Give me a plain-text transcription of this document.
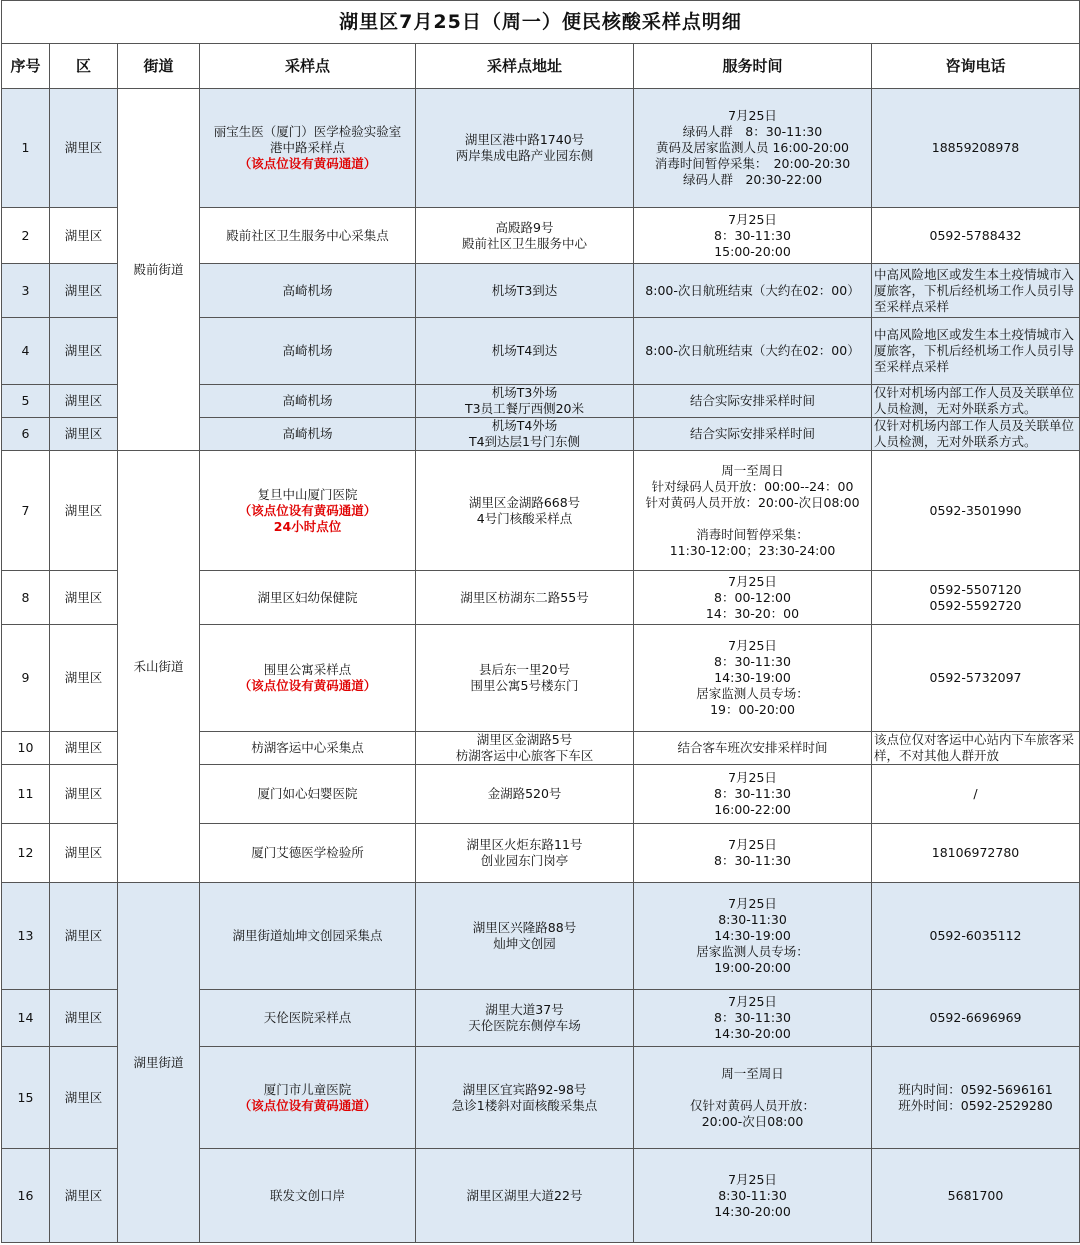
湖里区7月25日（周一）便民核酸采样点明细						
序号	区	街道	采样点	采样点地址	服务时间	咨询电话
1	湖里区	殿前街道	丽宝生医（厦门）医学检验实验室
港中路采样点
（该点位设有黄码通道）	湖里区港中路1740号
两岸集成电路产业园东侧	7月25日
绿码人群　8：30-11:30
黄码及居家监测人员 16:00-20:00
消毒时间暂停采集：　20:00-20:30
绿码人群　20:30-22:00	18859208978

2	湖里区		殿前社区卫生服务中心采集点	高殿路9号
殿前社区卫生服务中心	7月25日
8：30-11:30
15:00-20:00	0592-5788432

3	湖里区		高崎机场	机场T3到达	8:00-次日航班结束（大约在02：00）	中高风险地区或发生本土疫情城市入厦旅客，下机后经机场工作人员引导至采样点采样

4	湖里区		高崎机场	机场T4到达	8:00-次日航班结束（大约在02：00）	中高风险地区或发生本土疫情城市入厦旅客，下机后经机场工作人员引导至采样点采样

5	湖里区		高崎机场	机场T3外场
T3员工餐厅西侧20米	结合实际安排采样时间	仅针对机场内部工作人员及关联单位人员检测，无对外联系方式。

6	湖里区		高崎机场	机场T4外场
T4到达层1号门东侧	结合实际安排采样时间	仅针对机场内部工作人员及关联单位人员检测，无对外联系方式。

7	湖里区	禾山街道	复旦中山厦门医院
（该点位设有黄码通道）
24小时点位	湖里区金湖路668号
4号门核酸采样点	周一至周日
针对绿码人员开放：00:00--24：00
针对黄码人员开放：20:00-次日08:00
消毒时间暂停采集：
11:30-12:00；23:30-24:00	0592-3501990

8	湖里区		湖里区妇幼保健院	湖里区枋湖东二路55号	7月25日
8：00-12:00
14：30-20：00	0592-5507120
0592-5592720

9	湖里区		围里公寓采样点
（该点位设有黄码通道）	县后东一里20号
围里公寓5号楼东门	7月25日
8：30-11:30
14:30-19:00
居家监测人员专场：
19：00-20:00	0592-5732097

10	湖里区		枋湖客运中心采集点	湖里区金湖路5号
枋湖客运中心旅客下车区	结合客车班次安排采样时间	该点位仅对客运中心站内下车旅客采样，不对其他人群开放

11	湖里区		厦门如心妇婴医院	金湖路520号	7月25日
8：30-11:30
16:00-22:00	/

12	湖里区		厦门艾德医学检验所	湖里区火炬东路11号
创业园东门岗亭	7月25日
8：30-11:30	18106972780

13	湖里区	湖里街道	湖里街道灿坤文创园采集点	湖里区兴隆路88号
灿坤文创园	7月25日
8:30-11:30
14:30-19:00
居家监测人员专场：
19:00-20:00	0592-6035112

14	湖里区		天伦医院采样点	湖里大道37号
天伦医院东侧停车场	7月25日
8：30-11:30
14:30-20:00	0592-6696969

15	湖里区		厦门市儿童医院
（该点位设有黄码通道）	湖里区宜宾路92-98号
急诊1楼斜对面核酸采集点	周一至周日
仅针对黄码人员开放：
20:00-次日08:00	班内时间：0592-5696161
班外时间：0592-2529280

16	湖里区		联发文创口岸	湖里区湖里大道22号	7月25日
8:30-11:30
14:30-20:00	5681700
